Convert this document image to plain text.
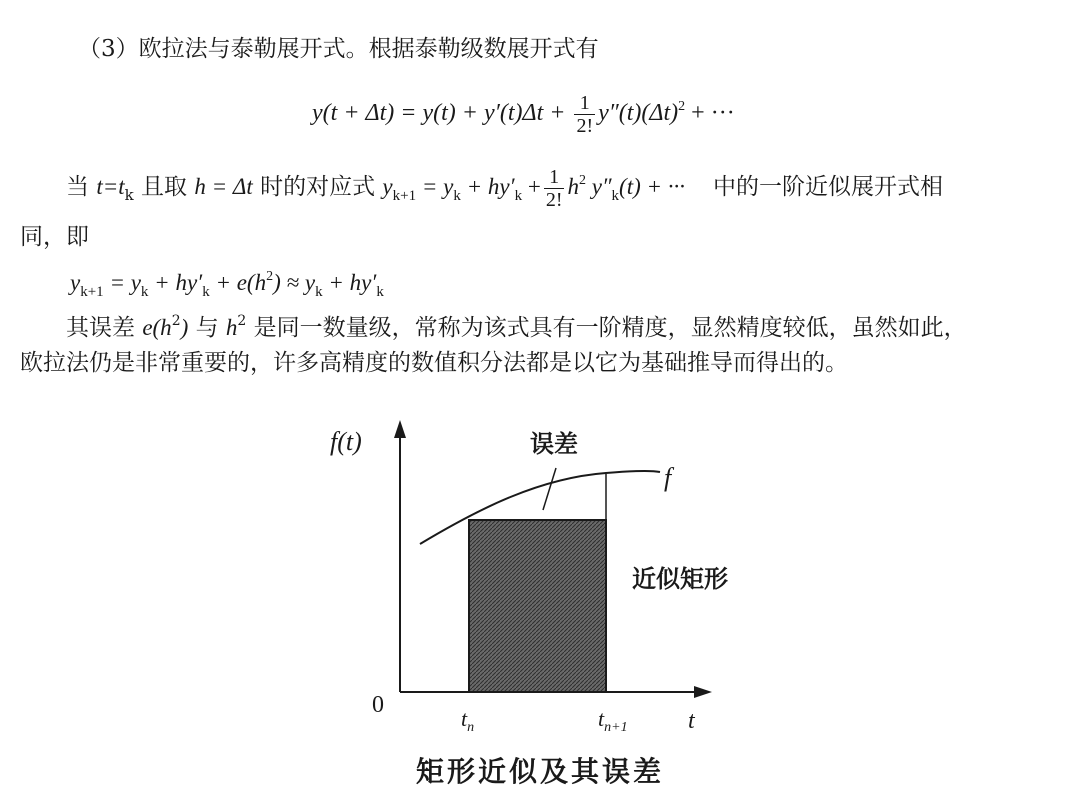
（3）欧拉法与泰勒展开式。根据泰勒级数展开式有
$y(t + \Delta t) = y(t) + y'(t)\Delta t + \frac{1}{2!} y''(t)(\Delta t)^2$ + ···
当 $t=t_k$ 且取 h = Δt 时的对应式 $y_{k+1} = y_k + hy'_k + \frac{1}{2!} h^2$ $y''_k(t)$ + ··· 中的一阶近似展开式相
同，即
$y_{k+1} = y_k + hy'_k + e(h^2) \approx y_k + hy'_k$
其误差 $e(h^2)$ 与 $h^2$ 是同一数量级，常称为该式具有一阶精度，显然精度较低，虽然如此，
欧拉法仍是非常重要的，许多高精度的数值积分法都是以它为基础推导而得出的。
f(t)
f
误差
近似矩形
0
t
$t_n$	$t_{n+1}$
矩形近似及其误差
